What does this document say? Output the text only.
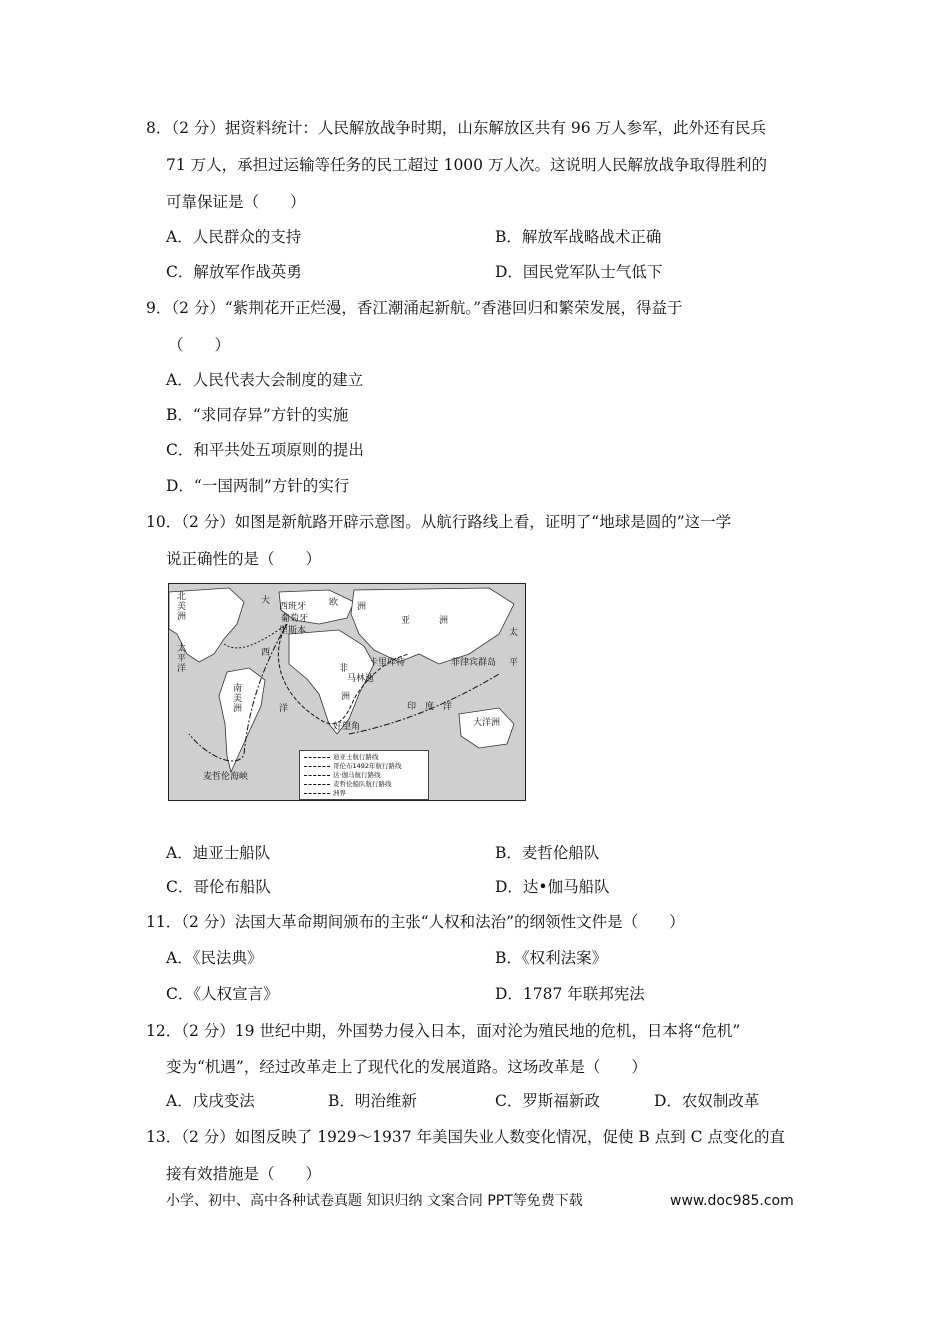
8．（2 分）据资料统计：人民解放战争时期，山东解放区共有 96 万人参军，此外还有民兵
71 万人，承担过运输等任务的民工超过 1000 万人次。这说明人民解放战争取得胜利的
可靠保证是（　　）
A．人民群众的支持	B．解放军战略战术正确
C．解放军作战英勇	D．国民党军队士气低下
9．（2 分）“紫荆花开正烂漫，香江潮涌起新航。”香港回归和繁荣发展，得益于
（　　）
A．人民代表大会制度的建立
B．“求同存异”方针的实施
C．和平共处五项原则的提出
D．“一国两制”方针的实行
10．（2 分）如图是新航路开辟示意图。从航行路线上看，证明了“地球是圆的”这一学
说正确性的是（　　）
北
美
洲
太
平
洋
大
西
洋
西班牙
葡萄牙
里斯本
欧 洲
亚	洲
非
洲
南
美
洲
卡里库特
马林迪
菲律宾群岛
印　度　洋
太
平
大洋洲
好望角
麦哲伦海峡
迪亚士航行路线
哥伦布1492年航行路线
达·伽马航行路线
麦哲伦船队航行路线
洲界
A．迪亚士船队	B．麦哲伦船队
C．哥伦布船队	D．达•伽马船队
11．（2 分）法国大革命期间颁布的主张“人权和法治”的纲领性文件是（　　）
A．《民法典》	B．《权利法案》
C．《人权宣言》	D．1787 年联邦宪法
12．（2 分）19 世纪中期，外国势力侵入日本，面对沦为殖民地的危机，日本将“危机”
变为“机遇”，经过改革走上了现代化的发展道路。这场改革是（　　）
A．戊戌变法	B．明治维新	C．罗斯福新政	D．农奴制改革
13．（2 分）如图反映了 1929～1937 年美国失业人数变化情况，促使 B 点到 C 点变化的直
接有效措施是（　　）
小学、初中、高中各种试卷真题 知识归纳 文案合同 PPT等免费下载	www.doc985.com
